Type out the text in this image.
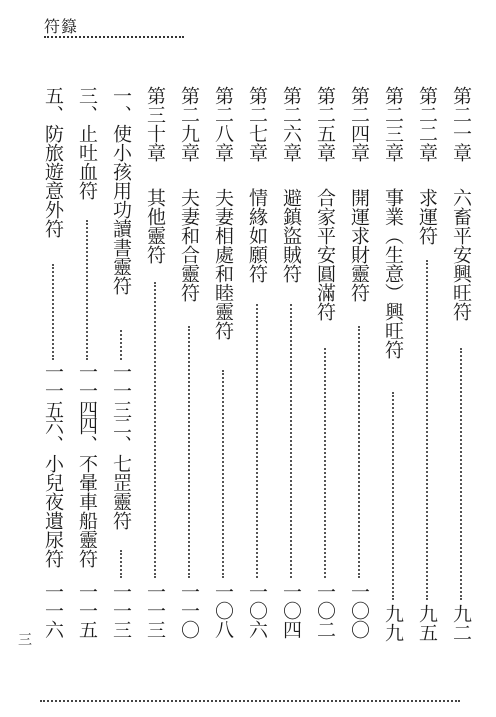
符籙
第二一章
六畜平安興旺符
九二
第二二章
求運符
九五
第二三章
事業︵生意︶興旺符
九九
第二四章
開運求財靈符
一〇〇
第二五章
合家平安圓滿符
一〇二
第二六章
避鎮盜賊符
一〇四
第二七章
情緣如願符
一〇六
第二八章
夫妻相處和睦靈符
一〇八
第二九章
夫妻和合靈符
一一〇
第三十章
其他靈符
一一三
一、使小孩用功讀書靈符
一一三
二、七罡靈符
一一三
三、止吐血符
一一四
四、不暈車船靈符
一一五
五、防旅遊意外符
一一五
六、小兒夜遺尿符
一一六
三
